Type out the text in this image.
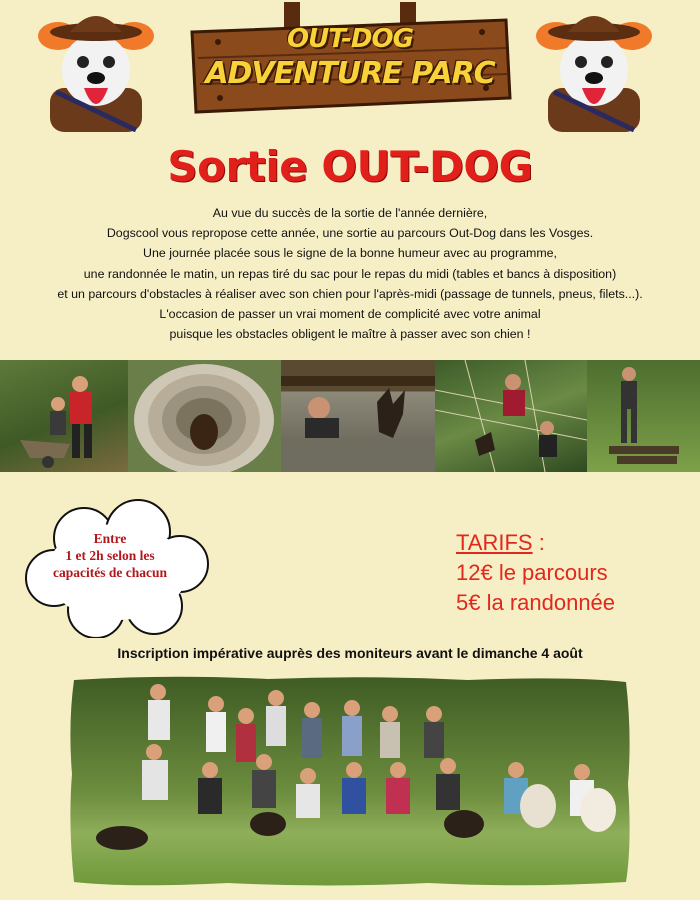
OUT-DOG
ADVENTURE PARC
Sortie OUT-DOG
Au vue du succès de la sortie de l'année dernière,
Dogscool vous repropose cette année, une sortie au parcours Out-Dog dans les Vosges.
Une journée placée sous le signe de la bonne humeur avec au programme,
une randonnée le matin, un repas tiré du sac pour le repas du midi (tables et bancs à disposition)
et un parcours d'obstacles à réaliser avec son chien pour l'après-midi (passage de tunnels, pneus, filets...).
L'occasion de passer un vrai moment de complicité avec votre animal
puisque les obstacles obligent le maître à passer avec son chien !
Entre
1 et 2h selon les
capacités de chacun
TARIFS :
12€ le parcours
5€ la randonnée
Inscription impérative auprès des moniteurs avant le dimanche 4 août
